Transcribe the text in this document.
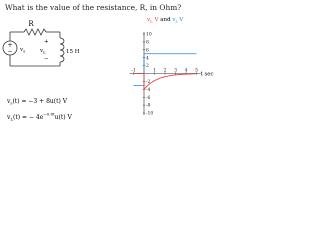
What is the value of the resistance, R, in Ohm?
R
+
− $v_s$
+
−
$v_L$	15 H
$v_s(t) = -3 + 8u(t)$ V
$v_L(t)$ = − $4e^{-0.8t}u(t)$ V
$v_L$ V and $v_s$ V
-1	1 2 3 4 5
-10
-8
-6
-4
-2
2
4
6
8
10
t sec
